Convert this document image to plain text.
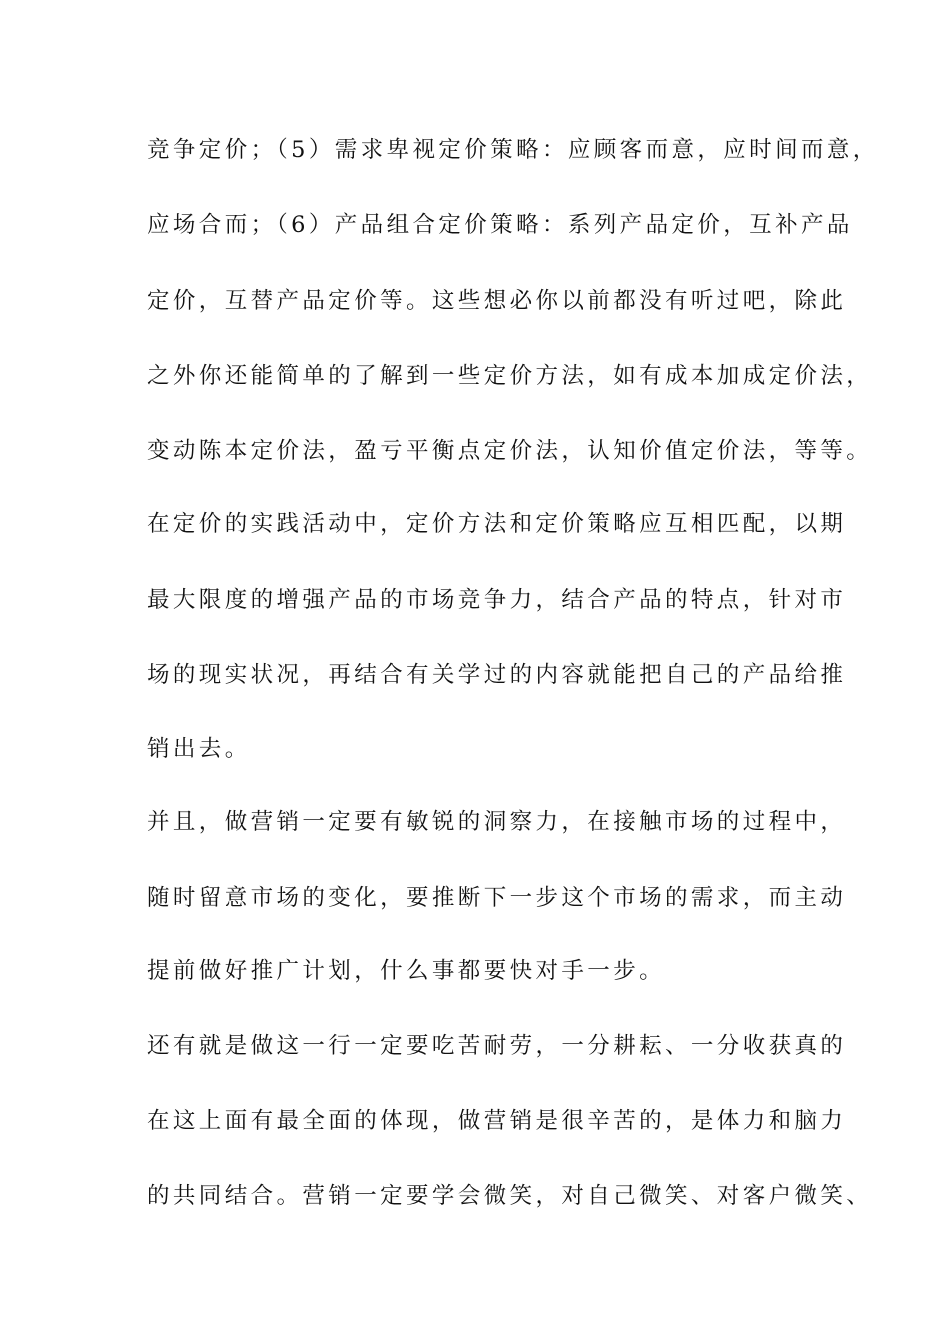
竞争定价；（5）需求卑视定价策略：应顾客而意，应时间而意，
应场合而；（6）产品组合定价策略：系列产品定价，互补产品
定价，互替产品定价等。这些想必你以前都没有听过吧，除此
之外你还能简单的了解到一些定价方法，如有成本加成定价法，
变动陈本定价法，盈亏平衡点定价法，认知价值定价法，等等。
在定价的实践活动中，定价方法和定价策略应互相匹配，以期
最大限度的增强产品的市场竞争力，结合产品的特点，针对市
场的现实状况，再结合有关学过的内容就能把自己的产品给推
销出去。
并且，做营销一定要有敏锐的洞察力，在接触市场的过程中，
随时留意市场的变化，要推断下一步这个市场的需求，而主动
提前做好推广计划，什么事都要快对手一步。
还有就是做这一行一定要吃苦耐劳，一分耕耘、一分收获真的
在这上面有最全面的体现，做营销是很辛苦的，是体力和脑力
的共同结合。营销一定要学会微笑，对自己微笑、对客户微笑、
